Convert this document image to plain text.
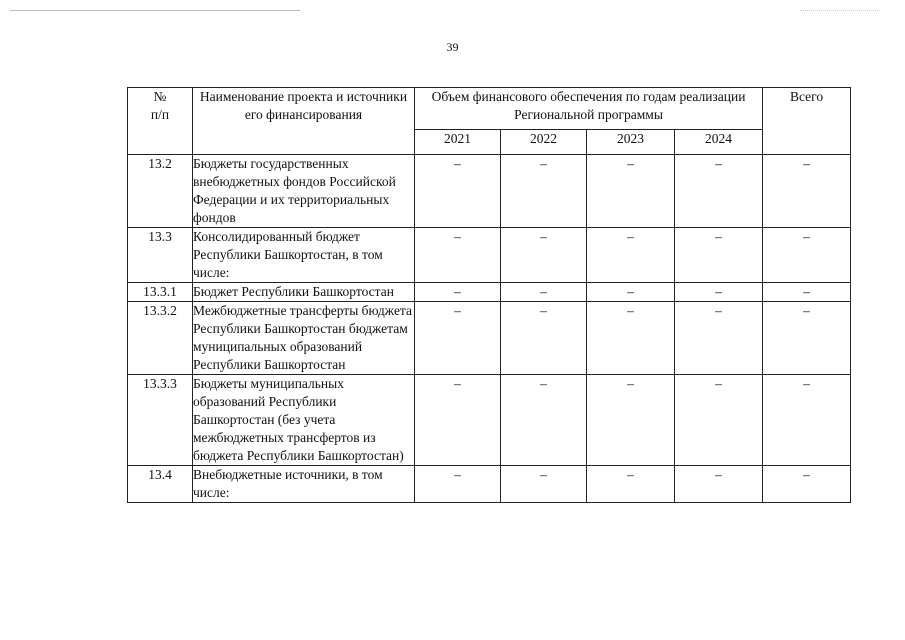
39
№
п/п	Наименование проекта и источники его финансирования	Объем финансового обеспечения по годам реализации Региональной программы				Всего
		2021	2022	2023	2024	
13.2	Бюджеты государственных внебюджетных фондов Российской Федерации и их территориальных фондов	–	–	–	–	–
13.3	Консолидированный бюджет Республики Башкортостан, в том числе:	–	–	–	–	–
13.3.1	Бюджет Республики Башкортостан	–	–	–	–	–
13.3.2	Межбюджетные трансферты бюджета Республики Башкортостан бюджетам муниципальных образований Республики Башкортостан	–	–	–	–	–
13.3.3	Бюджеты муниципальных образований Республики Башкортостан (без учета межбюджетных трансфертов из бюджета Республики Башкортостан)	–	–	–	–	–
13.4	Внебюджетные источники, в том числе:	–	–	–	–	–
